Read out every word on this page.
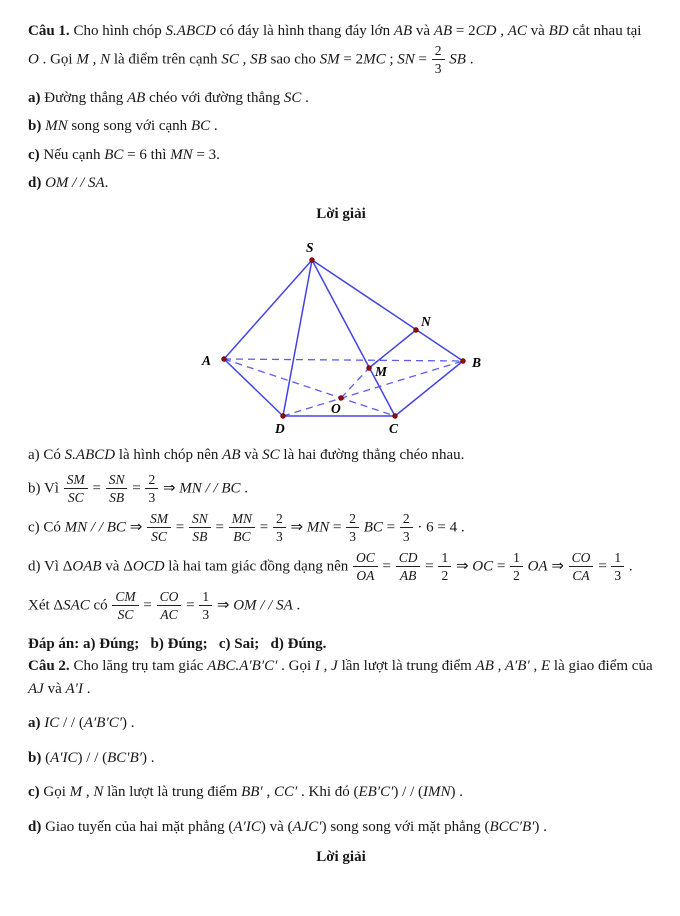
Câu 1. Cho hình chóp S.ABCD có đáy là hình thang đáy lớn AB và AB = 2CD , AC và BD cắt nhau tại O . Gọi M , N là điểm trên cạnh SC , SB sao cho SM = 2MC ; SN = $\frac{2}{3}$ SB .
a) Đường thẳng AB chéo với đường thẳng SC .
b) MN song song với cạnh BC .
c) Nếu cạnh BC = 6 thì MN = 3.
d) OM / / SA.
Lời giải
S
A	B
C
D
O
M
N
a) Có S.ABCD là hình chóp nên AB và SC là hai đường thẳng chéo nhau.
b) Vì $\frac{SM}{SC} = \frac{SN}{SB} = \frac{2}{3}$ ⇒ MN / / BC .
c) Có MN / / BC ⇒ $\frac{SM}{SC} = \frac{SN}{SB} = \frac{MN}{BC} = \frac{2}{3}$ ⇒ MN = $\frac{2}{3}$ BC = $\frac{2}{3} \cdot 6 = 4$ .
d) Vì ΔOAB và ΔOCD là hai tam giác đồng dạng nên $\frac{OC}{OA} = \frac{CD}{AB} = \frac{1}{2}$ ⇒ OC = $\frac{1}{2}$ OA ⇒ $\frac{CO}{CA} = \frac{1}{3}$ .
Xét ΔSAC có $\frac{CM}{SC} = \frac{CO}{AC} = \frac{1}{3}$ ⇒ OM / / SA .
Đáp án: a) Đúng;   b) Đúng;   c) Sai;   d) Đúng.
Câu 2. Cho lăng trụ tam giác ABC.A′B′C′ . Gọi I , J lần lượt là trung điểm AB , A′B′ , E là giao điểm của AJ và A′I .
a) IC / / (A′B′C′) .
b) (A′IC) / / (BC′B′) .
c) Gọi M , N lần lượt là trung điểm BB′ , CC′ . Khi đó (EB′C′) / / (IMN) .
d) Giao tuyến của hai mặt phẳng (A′IC) và (AJC′) song song với mặt phẳng (BCC′B′) .
Lời giải
